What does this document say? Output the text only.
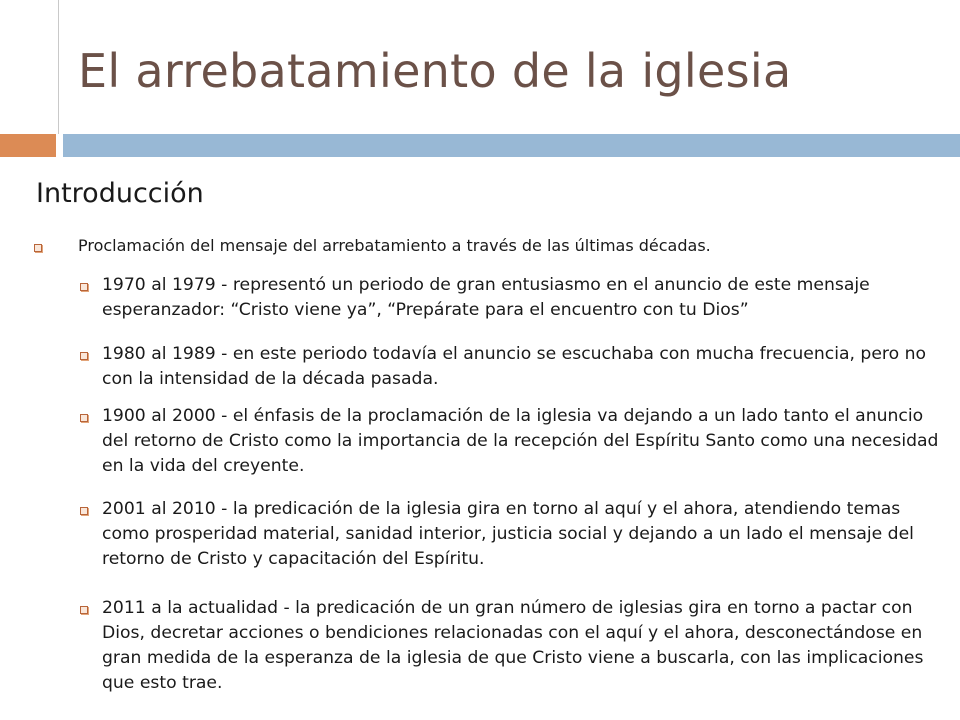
El arrebatamiento de la iglesia
Introducción
Proclamación del mensaje del arrebatamiento a través de las últimas décadas.
1970 al 1979 - representó un periodo de gran entusiasmo en el anuncio de este mensaje esperanzador: “Cristo viene ya”, “Prepárate para el encuentro con tu Dios”
1980 al 1989 - en este periodo todavía el anuncio se escuchaba con mucha frecuencia, pero no con la intensidad de la década pasada.
1900 al 2000 - el énfasis de la proclamación de la iglesia va dejando a un lado tanto el anuncio del retorno de Cristo como la importancia de la recepción del Espíritu Santo como una necesidad en la vida del creyente.
2001 al 2010 - la predicación de la iglesia gira en torno al aquí y el ahora, atendiendo temas como prosperidad material, sanidad interior, justicia social y dejando a un lado el mensaje del retorno de Cristo y capacitación del Espíritu.
2011 a la actualidad - la predicación de un gran número de iglesias gira en torno a pactar con Dios, decretar acciones o bendiciones relacionadas con el aquí y el ahora, desconectándose en gran medida de la esperanza de la iglesia de que Cristo viene a buscarla, con las implicaciones que esto trae.
